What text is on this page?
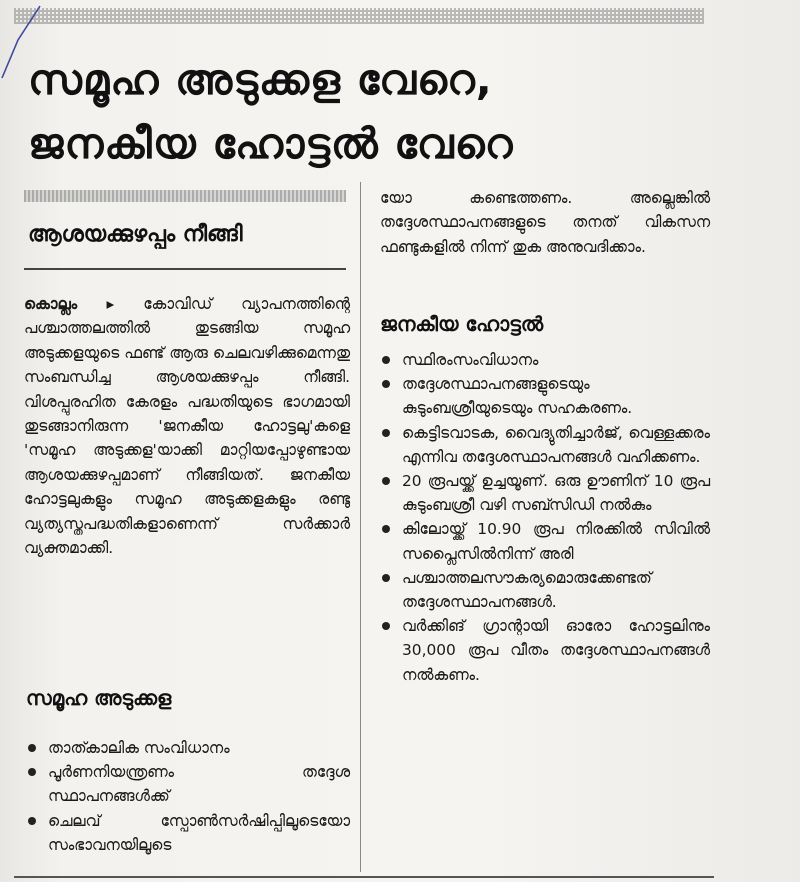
സമൂഹ അടുക്കള വേറെ,
ജനകീയ ഹോട്ടൽ വേറെ
ആശയക്കുഴപ്പം നീങ്ങി

കൊല്ലം ▸ കോവിഡ് വ്യാപനത്തിന്റെ പശ്ചാത്തലത്തിൽ തുടങ്ങിയ സമൂഹ അടുക്കളയുടെ ഫണ്ട് ആരു ചെലവഴിക്കുമെന്നതു സംബന്ധിച്ച ആശയക്കുഴപ്പം നീങ്ങി. വിശപ്പുരഹിത കേരളം പദ്ധതിയുടെ ഭാഗമായി തുടങ്ങാനിരുന്ന 'ജനകീയ ഹോട്ടലു'കളെ 'സമൂഹ അടുക്കള'യാക്കി മാറ്റിയപ്പോഴുണ്ടായ ആശയക്കുഴപ്പമാണ് നീങ്ങിയത്. ജനകീയ ഹോട്ടലുകളും സമൂഹ അടുക്കളകളും രണ്ടു വ്യത്യസ്തപദ്ധതികളാണെന്ന് സർക്കാർ വ്യക്തമാക്കി.

സമൂഹ അടുക്കള
താത്കാലിക സംവിധാനം
പൂർണനിയന്ത്രണം തദ്ദേശ സ്ഥാപനങ്ങൾക്ക്
ചെലവ് സ്പോൺസർഷിപ്പിലൂടെയോ സംഭാവനയിലൂടെ

യോ കണ്ടെത്തണം. അല്ലെങ്കിൽ തദ്ദേശസ്ഥാപനങ്ങളുടെ തനത് വികസന ഫണ്ടുകളിൽ നിന്ന് തുക അനുവദിക്കാം.

ജനകീയ ഹോട്ടൽ
സ്ഥിരംസംവിധാനം
തദ്ദേശസ്ഥാപനങ്ങളുടെയും കുടുംബശ്രീയുടെയും സഹകരണം.
കെട്ടിടവാടക, വൈദ്യുതിച്ചാർജ്, വെള്ളക്കരം എന്നിവ തദ്ദേശസ്ഥാപനങ്ങൾ വഹിക്കണം.
20 രൂപയ്ക്ക് ഉച്ചയൂണ്. ഒരു ഊണിന് 10 രൂപ കുടുംബശ്രീ വഴി സബ്സിഡി നൽകും
കിലോയ്ക്ക് 10.90 രൂപ നിരക്കിൽ സിവിൽ സപ്ലൈസിൽനിന്ന് അരി
പശ്ചാത്തലസൗകര്യമൊരുക്കേണ്ടത് തദ്ദേശസ്ഥാപനങ്ങൾ.
വർക്കിങ് ഗ്രാന്റായി ഓരോ ഹോട്ടലിനും 30,000 രൂപ വീതം തദ്ദേശസ്ഥാപനങ്ങൾ നൽകണം.
